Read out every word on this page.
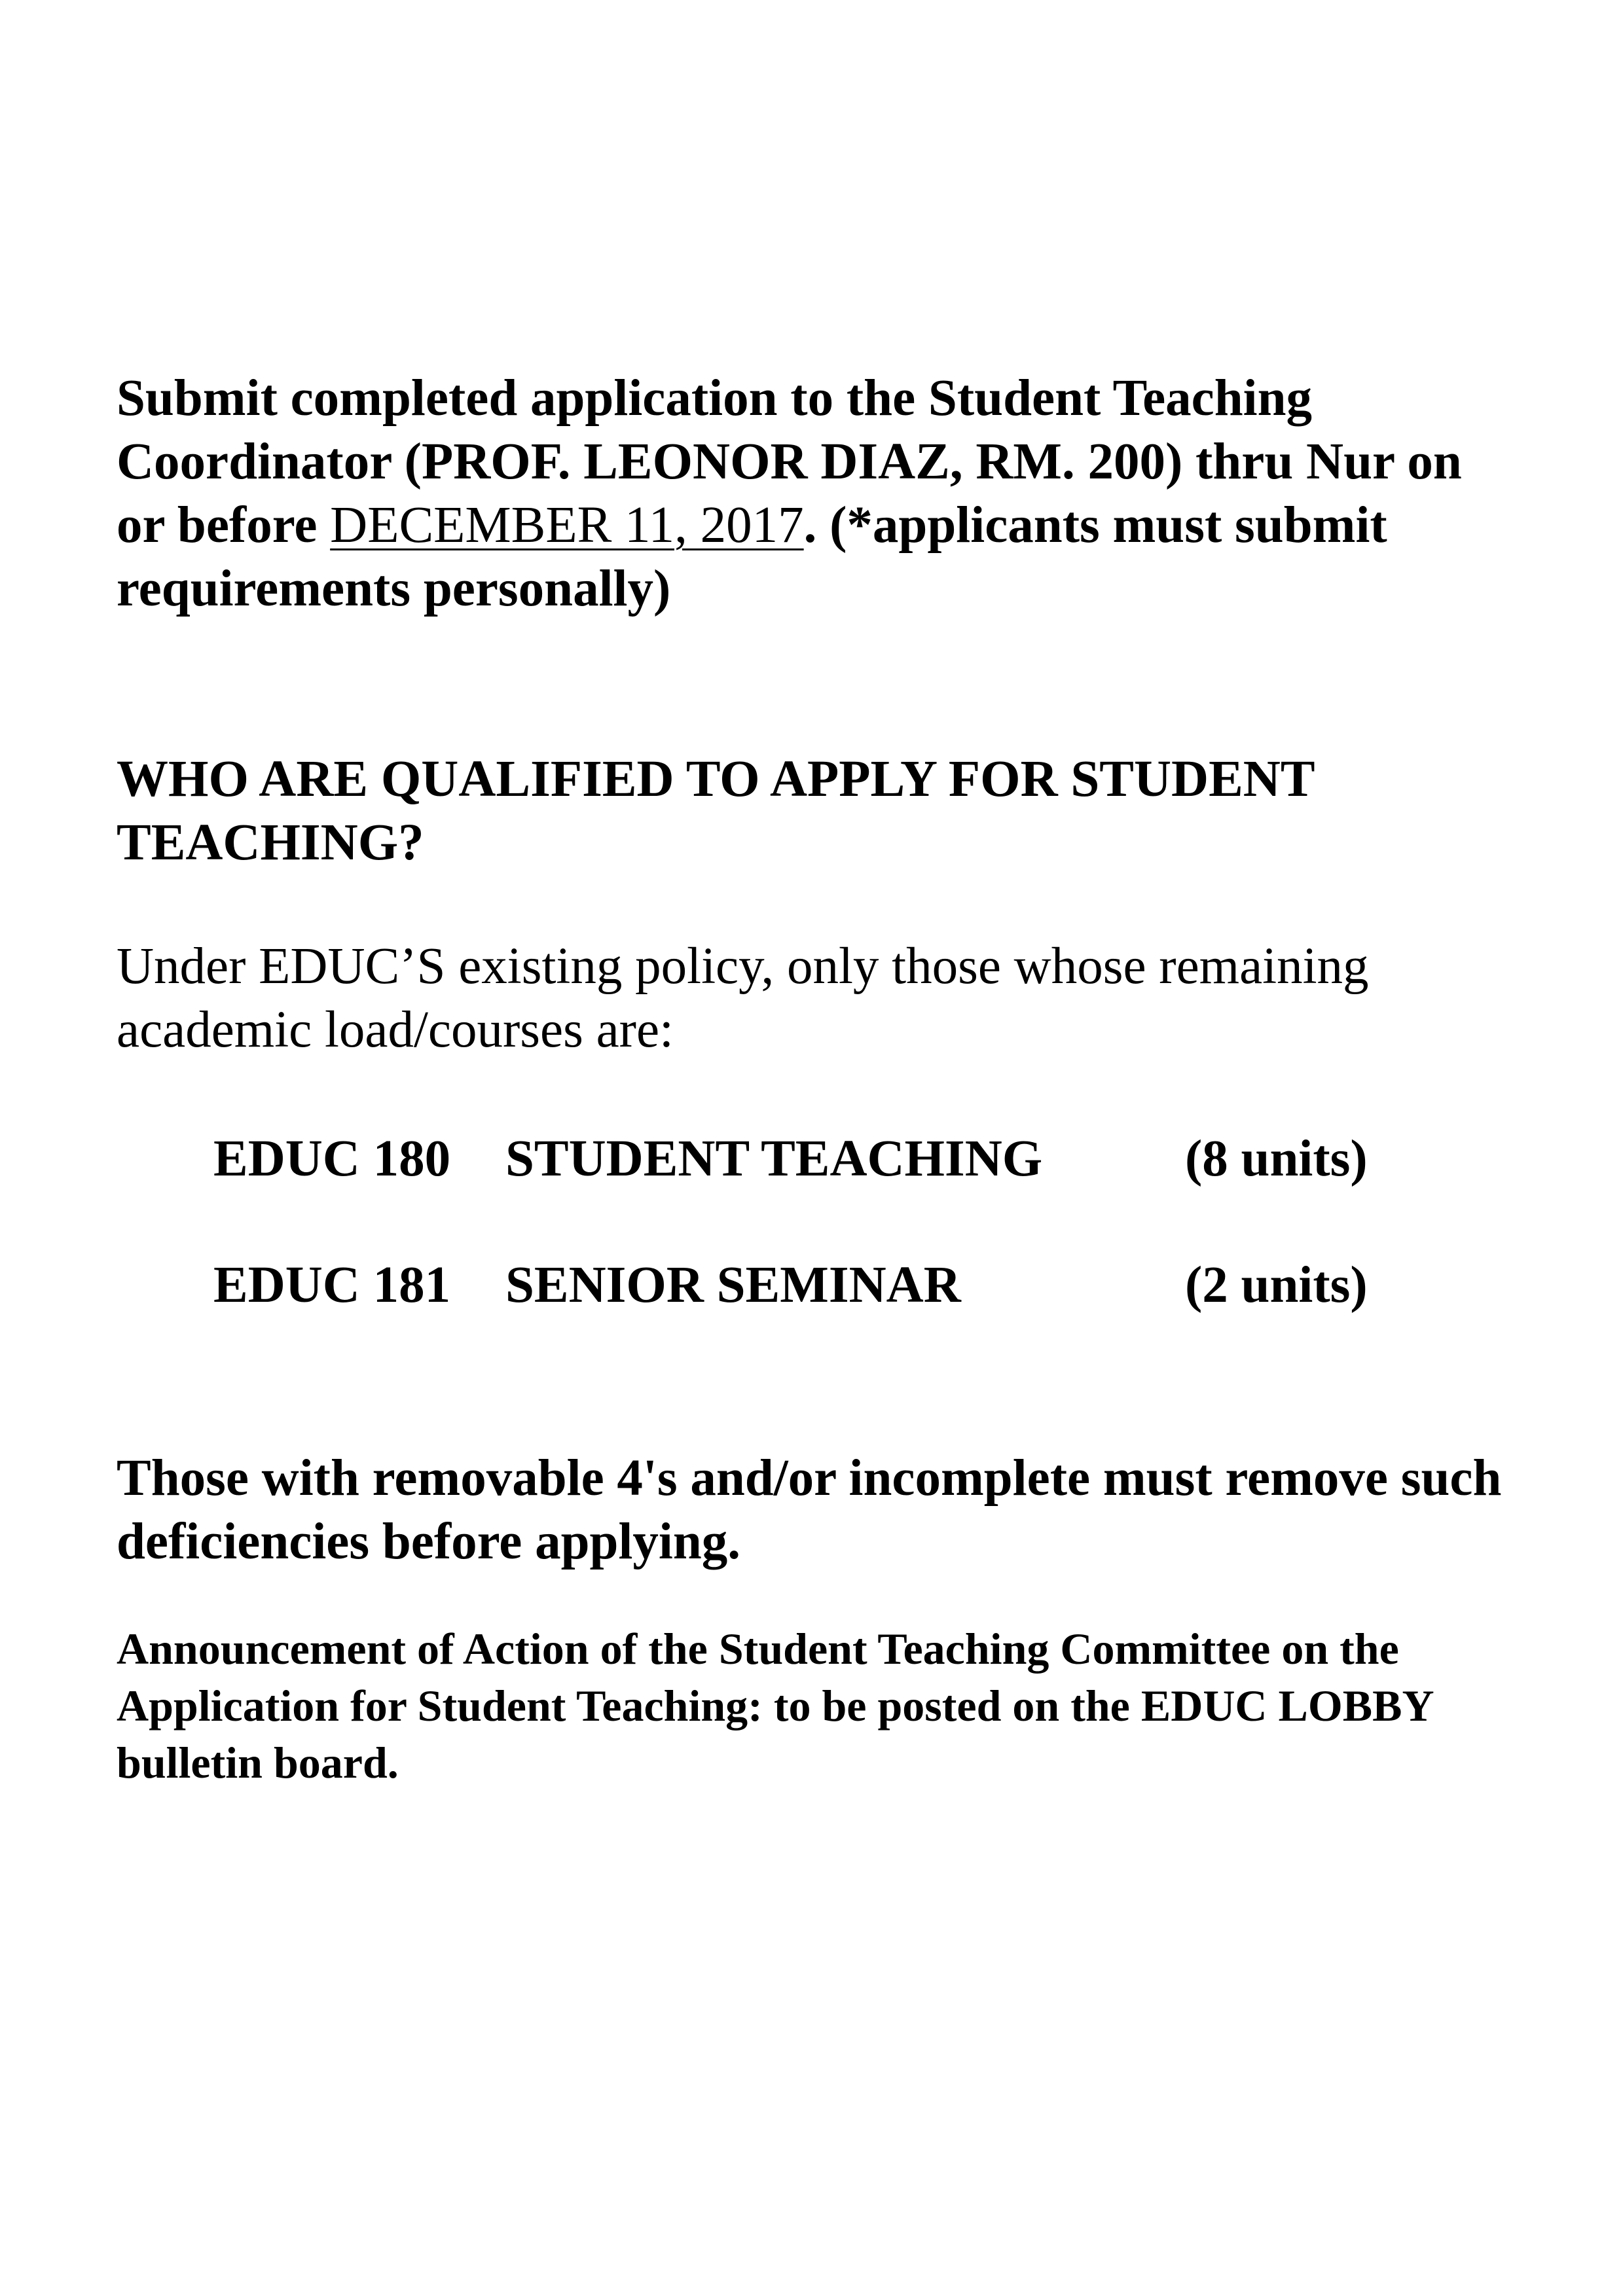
Submit completed application to the Student Teaching Coordinator (PROF. LEONOR DIAZ, RM. 200) thru Nur on or before DECEMBER 11, 2017. (*applicants must submit requirements personally)

WHO ARE QUALIFIED TO APPLY FOR STUDENT TEACHING?

Under EDUC’S existing policy, only those whose remaining academic load/courses are:

EDUC 180 STUDENT TEACHING	(8 units)
EDUC 181 SENIOR SEMINAR	(2 units)

Those with removable 4's and/or incomplete must remove such deficiencies before applying.

Announcement of Action of the Student Teaching Committee on the Application for Student Teaching: to be posted on the EDUC LOBBY bulletin board.
